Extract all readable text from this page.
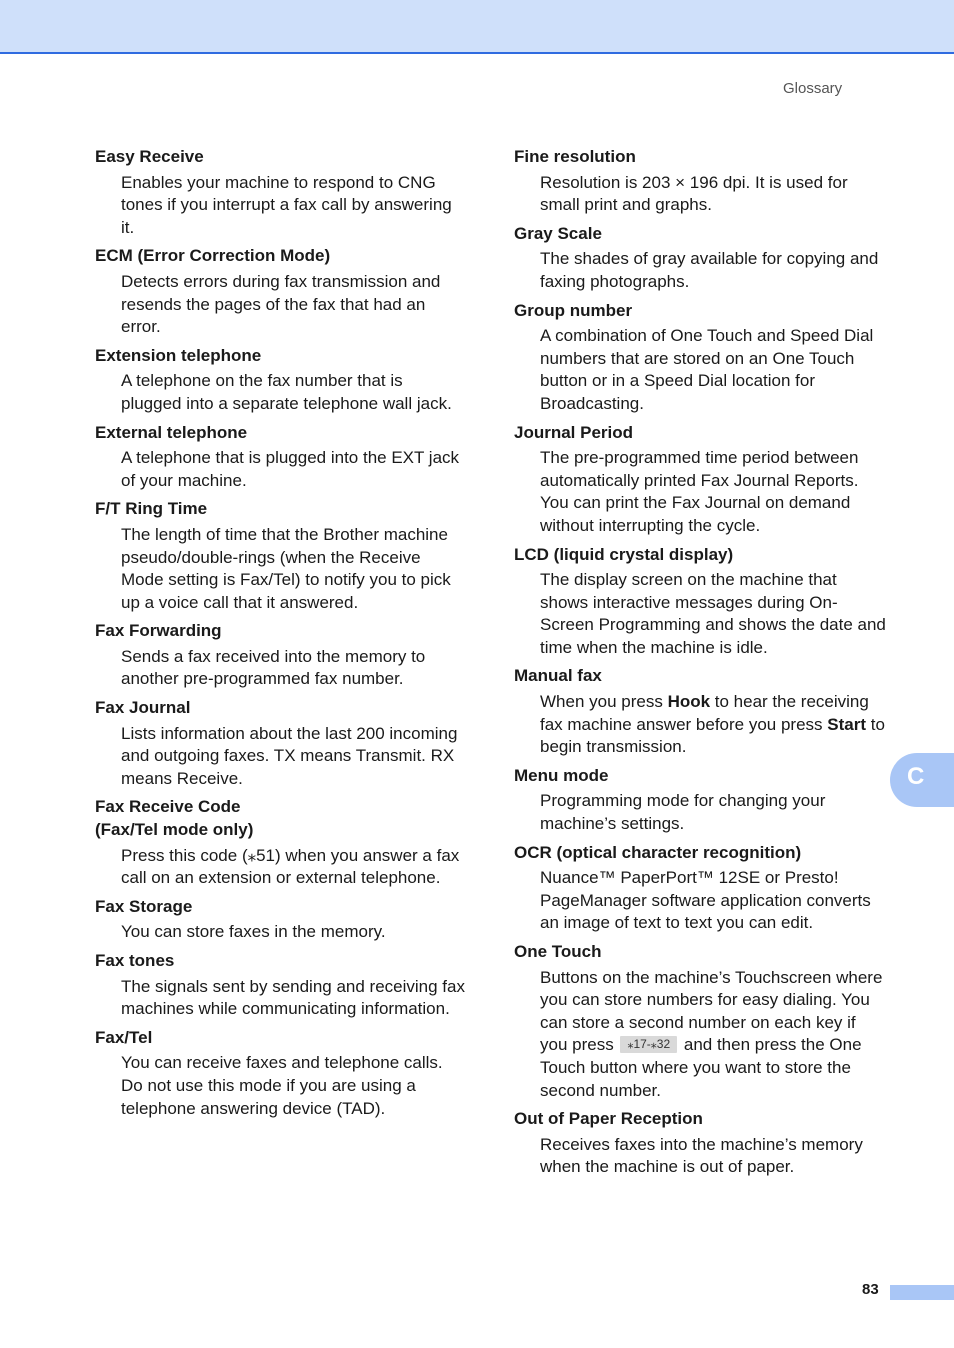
Glossary

Easy Receive

Enables your machine to respond to CNG tones if you interrupt a fax call by answering it.

ECM (Error Correction Mode)

Detects errors during fax transmission and resends the pages of the fax that had an error.

Extension telephone

A telephone on the fax number that is plugged into a separate telephone wall jack.

External telephone

A telephone that is plugged into the EXT jack of your machine.

F/T Ring Time

The length of time that the Brother machine pseudo/double-rings (when the Receive Mode setting is Fax/Tel) to notify you to pick up a voice call that it answered.

Fax Forwarding

Sends a fax received into the memory to another pre-programmed fax number.

Fax Journal

Lists information about the last 200 incoming and outgoing faxes. TX means Transmit. RX means Receive.

Fax Receive Code (Fax/Tel mode only)

Press this code (⁎51) when you answer a fax call on an extension or external telephone.

Fax Storage

You can store faxes in the memory.

Fax tones

The signals sent by sending and receiving fax machines while communicating information.

Fax/Tel

You can receive faxes and telephone calls. Do not use this mode if you are using a telephone answering device (TAD).

Fine resolution

Resolution is 203 × 196 dpi. It is used for small print and graphs.

Gray Scale

The shades of gray available for copying and faxing photographs.

Group number

A combination of One Touch and Speed Dial numbers that are stored on an One Touch button or in a Speed Dial location for Broadcasting.

Journal Period

The pre-programmed time period between automatically printed Fax Journal Reports. You can print the Fax Journal on demand without interrupting the cycle.

LCD (liquid crystal display)

The display screen on the machine that shows interactive messages during On-Screen Programming and shows the date and time when the machine is idle.

Manual fax

When you press Hook to hear the receiving fax machine answer before you press Start to begin transmission.

Menu mode

Programming mode for changing your machine’s settings.

OCR (optical character recognition)

Nuance™ PaperPort™ 12SE or Presto! PageManager software application converts an image of text to text you can edit.

One Touch

Buttons on the machine’s Touchscreen where you can store numbers for easy dialing. You can store a second number on each key if you press ⁎17-⁎32 and then press the One Touch button where you want to store the second number.

Out of Paper Reception

Receives faxes into the machine’s memory when the machine is out of paper.

C
83
